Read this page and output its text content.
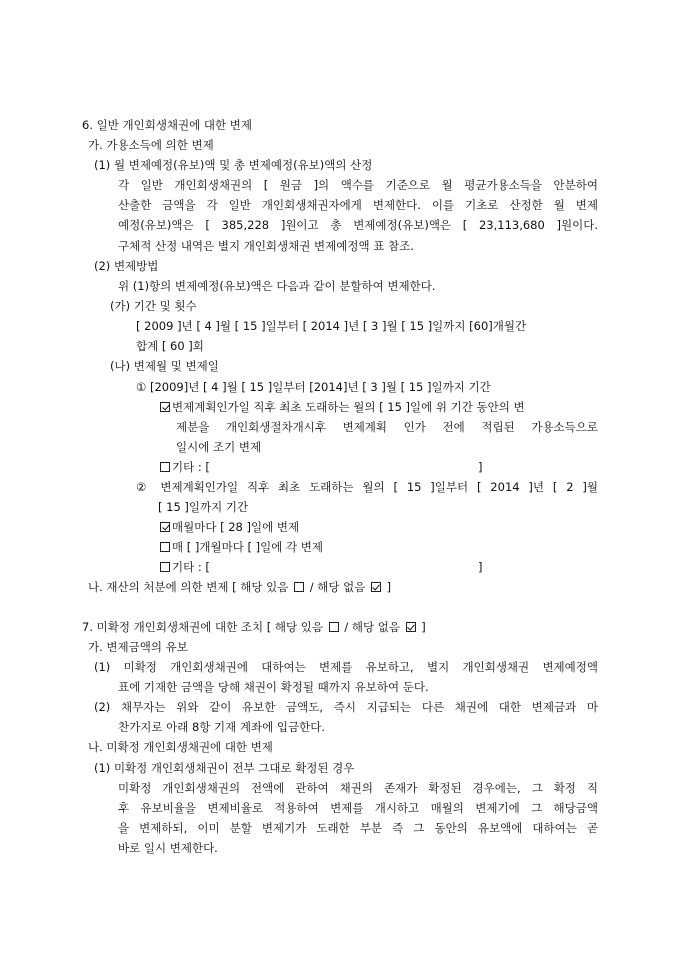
6. 일반 개인회생채권에 대한 변제
가. 가용소득에 의한 변제
(1) 월 변제예정(유보)액 및 총 변제예정(유보)액의 산정
각 일반 개인회생채권의 [ 원금 ]의 액수를 기준으로 월 평균가용소득을 안분하여
산출한 금액을 각 일반 개인회생채권자에게 변제한다. 이를 기초로 산정한 월 변제
예정(유보)액은 [ 385,228 ]원이고 총 변제예정(유보)액은 [ 23,113,680 ]원이다.
구체적 산정 내역은 별지 개인회생채권 변제예정액 표 참조.
(2) 변제방법
위 (1)항의 변제예정(유보)액은 다음과 같이 분할하여 변제한다.
(가) 기간 및 횟수
[ 2009 ]년 [ 4 ]월 [ 15 ]일부터 [ 2014 ]년 [ 3 ]월 [ 15 ]일까지 [60]개월간
합계 [ 60 ]회
(나) 변제월 및 변제일
① [2009]년 [ 4 ]월 [ 15 ]일부터 [2014]년 [ 3 ]월 [ 15 ]일까지 기간
변제계획인가일 직후 최초 도래하는 월의 [ 15 ]일에 위 기간 동안의 변
제분을 개인회생절차개시후 변제계획 인가 전에 적립된 가용소득으로
일시에 조기 변제
기타 : [	]
② 변제계획인가일 직후 최초 도래하는 월의 [ 15 ]일부터 [ 2014 ]년 [ 2 ]월
[ 15 ]일까지 기간
매월마다 [ 28 ]일에 변제
매 [ ]개월마다 [ ]일에 각 변제
기타 : [	]
나. 재산의 처분에 의한 변제 [ 해당 있음 / 해당 없음 ]
7. 미확정 개인회생채권에 대한 조치 [ 해당 있음 / 해당 없음 ]
가. 변제금액의 유보
(1) 미확정 개인회생채권에 대하여는 변제를 유보하고, 별지 개인회생채권 변제예정액
표에 기재한 금액을 당해 채권이 확정될 때까지 유보하여 둔다.
(2) 채무자는 위와 같이 유보한 금액도, 즉시 지급되는 다른 채권에 대한 변제금과 마
찬가지로 아래 8항 기재 계좌에 입금한다.
나. 미확정 개인회생채권에 대한 변제
(1) 미확정 개인회생채권이 전부 그대로 확정된 경우
미확정 개인회생채권의 전액에 관하여 채권의 존재가 확정된 경우에는, 그 확정 직
후 유보비율을 변제비율로 적용하여 변제를 개시하고 매월의 변제기에 그 해당금액
을 변제하되, 이미 분할 변제기가 도래한 부분 즉 그 동안의 유보액에 대하여는 곧
바로 일시 변제한다.
